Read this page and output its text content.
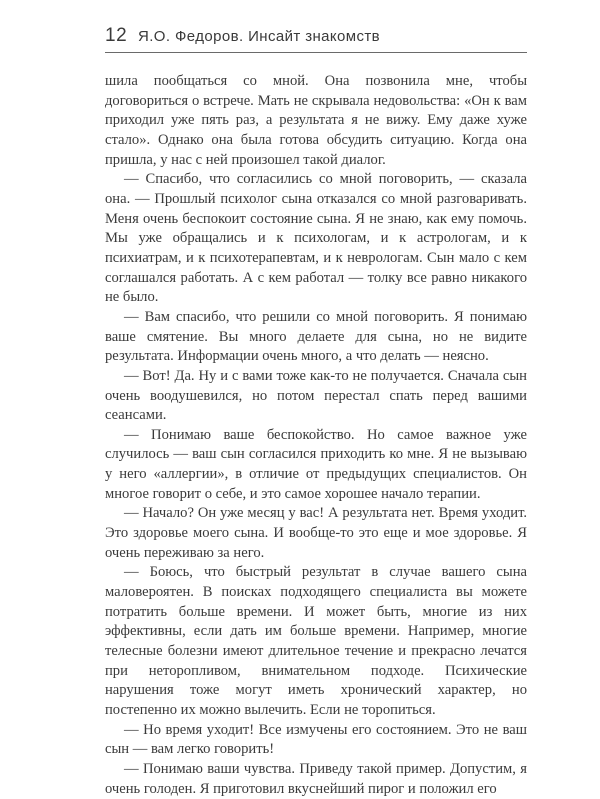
12 Я.О. Федоров. Инсайт знакомств

шила пообщаться со мной. Она позвонила мне, чтобы договориться о встрече. Мать не скрывала недовольства: «Он к вам приходил уже пять раз, а результата я не вижу. Ему даже хуже стало». Однако она была готова обсудить ситуацию. Когда она пришла, у нас с ней произошел такой диалог.

— Спасибо, что согласились со мной поговорить, — сказала она. — Прошлый психолог сына отказался со мной разговаривать. Меня очень беспокоит состояние сына. Я не знаю, как ему помочь. Мы уже обращались и к психологам, и к астрологам, и к психиатрам, и к психотерапевтам, и к неврологам. Сын мало с кем соглашался работать. А с кем работал — толку все равно никакого не было.

— Вам спасибо, что решили со мной поговорить. Я понимаю ваше смятение. Вы много делаете для сына, но не видите результата. Информации очень много, а что делать — неясно.

— Вот! Да. Ну и с вами тоже как-то не получается. Сначала сын очень воодушевился, но потом перестал спать перед вашими сеансами.

— Понимаю ваше беспокойство. Но самое важное уже случилось — ваш сын согласился приходить ко мне. Я не вызываю у него «аллергии», в отличие от предыдущих специалистов. Он многое говорит о себе, и это самое хорошее начало терапии.

— Начало? Он уже месяц у вас! А результата нет. Время уходит. Это здоровье моего сына. И вообще-то это еще и мое здоровье. Я очень переживаю за него.

— Боюсь, что быстрый результат в случае вашего сына маловероятен. В поисках подходящего специалиста вы можете потратить больше времени. И может быть, многие из них эффективны, если дать им больше времени. Например, многие телесные болезни имеют длительное течение и прекрасно лечатся при неторопливом, внимательном подходе. Психические нарушения тоже могут иметь хронический характер, но постепенно их можно вылечить. Если не торопиться.

— Но время уходит! Все измучены его состоянием. Это не ваш сын — вам легко говорить!

— Понимаю ваши чувства. Приведу такой пример. Допустим, я очень голоден. Я приготовил вкуснейший пирог и положил его
